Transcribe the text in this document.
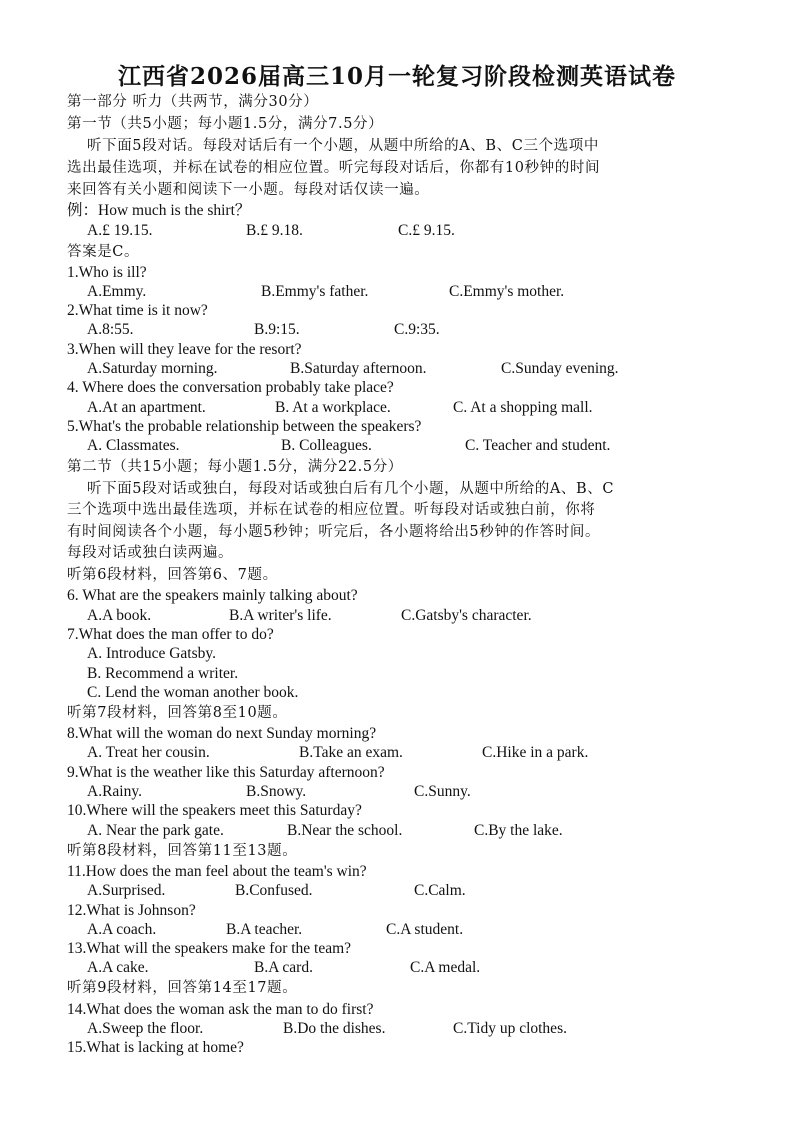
江西省2026届高三10月一轮复习阶段检测英语试卷
第一部分 听力（共两节，满分30分）
第一节（共5小题；每小题1.5分，满分7.5分）
听下面5段对话。每段对话后有一个小题，从题中所给的A、B、C三个选项中
选出最佳选项，并标在试卷的相应位置。听完每段对话后，你都有10秒钟的时间
来回答有关小题和阅读下一小题。每段对话仅读一遍。
例：How much is the shirt？
A.£ 19.15.	B.£ 9.18.	C.£ 9.15.
答案是C。
1.Who is ill?
A.Emmy.	B.Emmy's father.	C.Emmy's mother.
2.What time is it now?
A.8:55.	B.9:15.	C.9:35.
3.When will they leave for the resort?
A.Saturday morning.	B.Saturday afternoon.	C.Sunday evening.
4. Where does the conversation probably take place?
A.At an apartment.	B. At a workplace.	C. At a shopping mall.
5.What's the probable relationship between the speakers?
A. Classmates.	B. Colleagues.	C. Teacher and student.
第二节（共15小题；每小题1.5分，满分22.5分）
听下面5段对话或独白，每段对话或独白后有几个小题，从题中所给的A、B、C
三个选项中选出最佳选项，并标在试卷的相应位置。听每段对话或独白前，你将
有时间阅读各个小题，每小题5秒钟；听完后，各小题将给出5秒钟的作答时间。
每段对话或独白读两遍。
听第6段材料，回答第6、7题。
6. What are the speakers mainly talking about?
A.A book.	B.A writer's life.	C.Gatsby's character.
7.What does the man offer to do?
A. Introduce Gatsby.
B. Recommend a writer.
C. Lend the woman another book.
听第7段材料，回答第8至10题。
8.What will the woman do next Sunday morning?
A. Treat her cousin.	B.Take an exam.	C.Hike in a park.
9.What is the weather like this Saturday afternoon?
A.Rainy.	B.Snowy.	C.Sunny.
10.Where will the speakers meet this Saturday?
A. Near the park gate.	B.Near the school.	C.By the lake.
听第8段材料，回答第11至13题。
11.How does the man feel about the team's win?
A.Surprised.	B.Confused.	C.Calm.
12.What is Johnson?
A.A coach.	B.A teacher.	C.A student.
13.What will the speakers make for the team?
A.A cake.	B.A card.	C.A medal.
听第9段材料，回答第14至17题。
14.What does the woman ask the man to do first?
A.Sweep the floor.	B.Do the dishes.	C.Tidy up clothes.
15.What is lacking at home?
